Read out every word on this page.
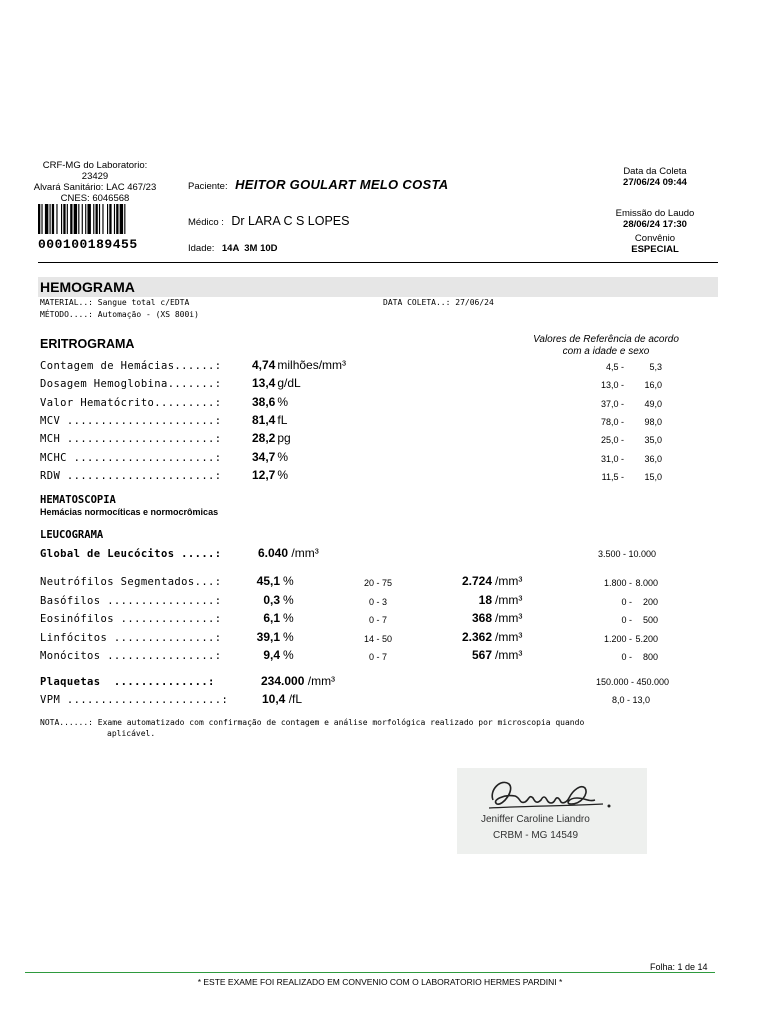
CRF-MG do Laboratorio:
23429
Alvará Sanitário: LAC 467/23
CNES: 6046568
000100189455
Paciente: HEITOR GOULART MELO COSTA
Médico : Dr LARA C S LOPES
Idade: 14A  3M 10D
Data da Coleta
27/06/24 09:44
Emissão do Laudo
28/06/24 17:30
Convênio
ESPECIAL
HEMOGRAMA
MATERIAL..: Sangue total c/EDTA	DATA COLETA..: 27/06/24
MÉTODO....: Automação - (XS 800i)
Valores de Referência de acordo
com a idade e sexo
ERITROGRAMA
Contagem de Hemácias......:	4,74 milhões/mm³	4,5 -	5,3
Dosagem Hemoglobina.......:	13,4 g/dL	13,0 -	16,0
Valor Hematócrito.........:	38,6 %	37,0 -	49,0
MCV ......................:	81,4 fL	78,0 -	98,0
MCH ......................:	28,2 pg	25,0 -	35,0
MCHC .....................:	34,7 %	31,0 -	36,0
RDW ......................:	12,7 %	11,5 -	15,0
HEMATOSCOPIA
Hemácias normocíticas e normocrômicas
LEUCOGRAMA
Global de Leucócitos .....:	6.040 /mm³	3.500 - 10.000
Neutrófilos Segmentados...:	45,1 %	20 - 75	2.724 /mm³	1.800 - 8.000
Basófilos ................:	0,3 %	0 - 3	18 /mm³	0 -	200
Eosinófilos ..............:	6,1 %	0 - 7	368 /mm³	0 -	500
Linfócitos ...............:	39,1 %	14 - 50	2.362 /mm³	1.200 - 5.200
Monócitos ................:	9,4 %	0 - 7	567 /mm³	0 -	800
Plaquetas  ..............:	234.000 /mm³	150.000 - 450.000
VPM .......................:	10,4 /fL	8,0 - 13,0
NOTA......: Exame automatizado com confirmação de contagem e análise morfológica realizado por microscopia quando
aplicável.
Jeniffer Caroline Liandro
CRBM - MG 14549
Folha: 1 de 14
* ESTE EXAME FOI REALIZADO EM CONVENIO COM O LABORATORIO HERMES PARDINI *
